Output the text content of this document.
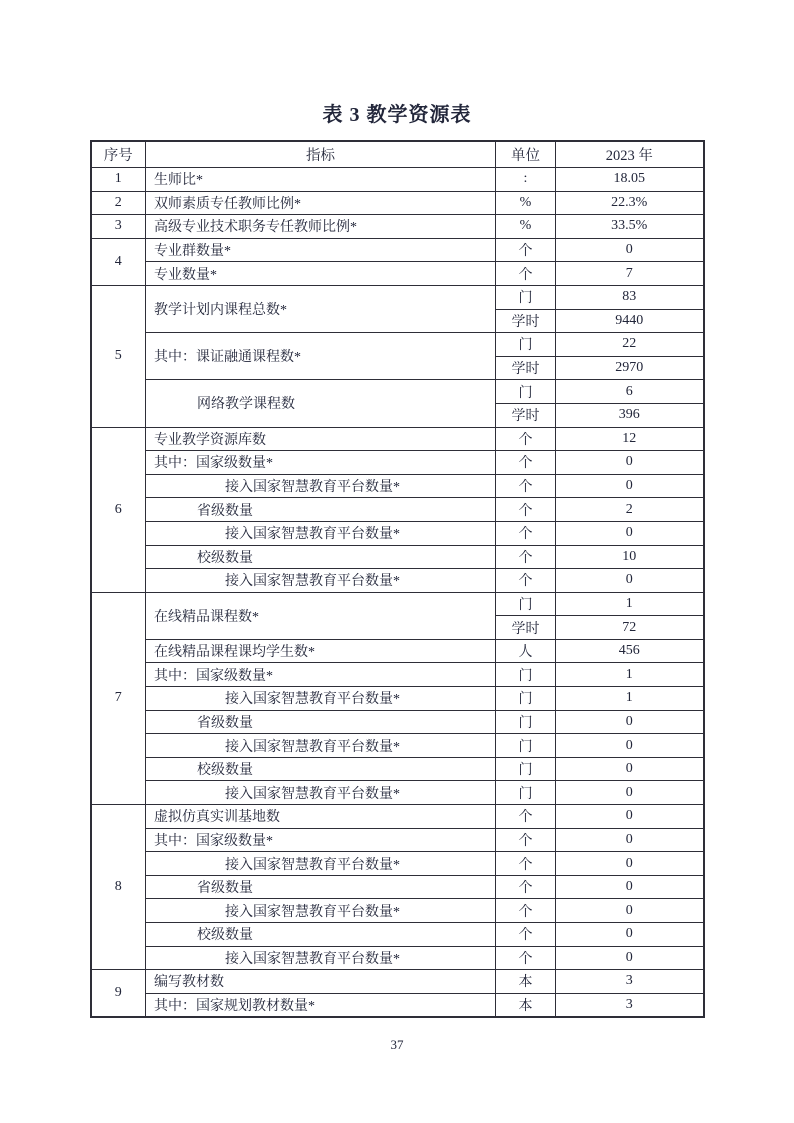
表 3 教学资源表
序号	指标	单位	2023 年
1	生师比*	:	18.05
2	双师素质专任教师比例*	%	22.3%
3	高级专业技术职务专任教师比例*	%	33.5%
4	专业群数量*	个	0
	专业数量*	个	7
5	教学计划内课程总数*	门	83
		学时	9440
	其中：课证融通课程数*	门	22
		学时	2970
	网络教学课程数	门	6
		学时	396
6	专业教学资源库数	个	12
	其中：国家级数量*	个	0
	接入国家智慧教育平台数量*	个	0
	省级数量	个	2
	接入国家智慧教育平台数量*	个	0
	校级数量	个	10
	接入国家智慧教育平台数量*	个	0
7	在线精品课程数*	门	1
		学时	72
	在线精品课程课均学生数*	人	456
	其中：国家级数量*	门	1
	接入国家智慧教育平台数量*	门	1
	省级数量	门	0
	接入国家智慧教育平台数量*	门	0
	校级数量	门	0
	接入国家智慧教育平台数量*	门	0
8	虚拟仿真实训基地数	个	0
	其中：国家级数量*	个	0
	接入国家智慧教育平台数量*	个	0
	省级数量	个	0
	接入国家智慧教育平台数量*	个	0
	校级数量	个	0
	接入国家智慧教育平台数量*	个	0
9	编写教材数	本	3
	其中：国家规划教材数量*	本	3
37
